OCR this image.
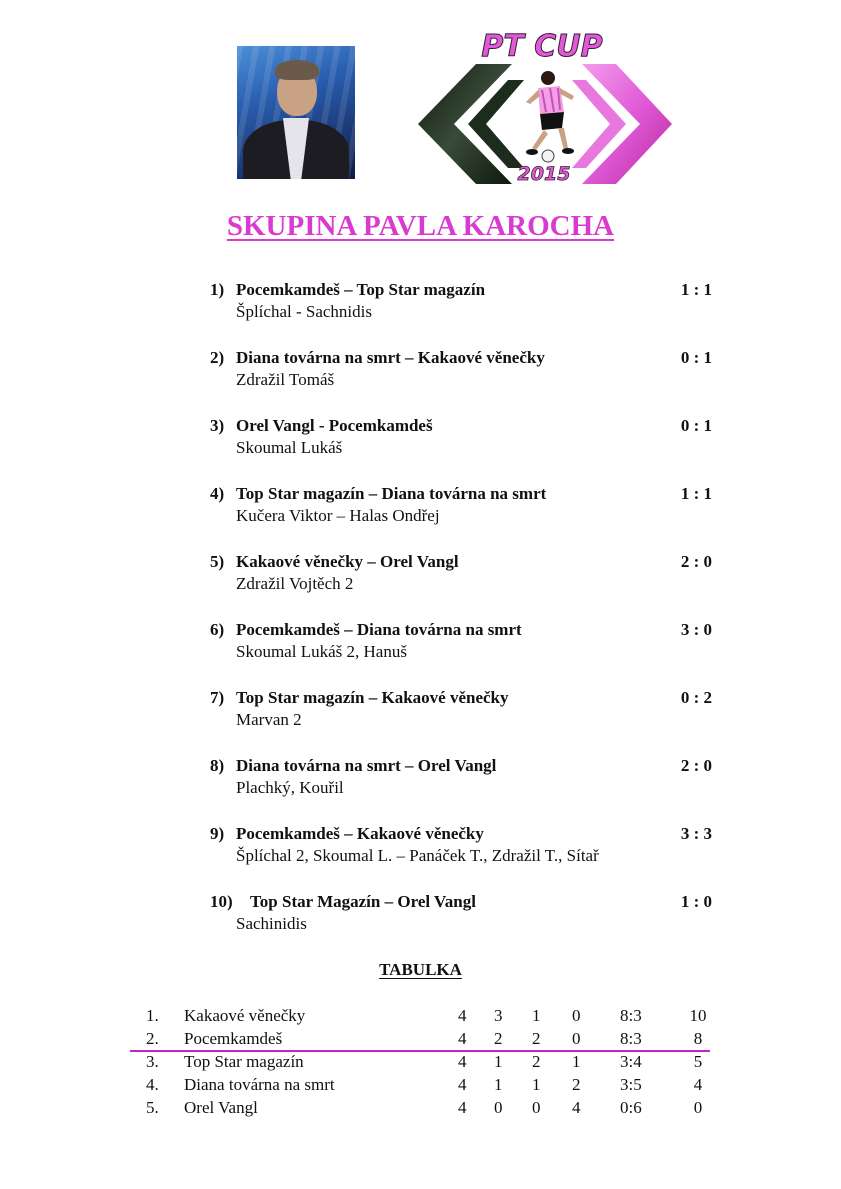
PT CUP
2015
SKUPINA PAVLA KAROCHA
1) Pocemkamdeš – Top Star magazín	1 : 1
Šplíchal - Sachnidis
2) Diana továrna na smrt – Kakaové věnečky	0 : 1
Zdražil Tomáš
3) Orel Vangl - Pocemkamdeš	0 : 1
Skoumal Lukáš
4) Top Star magazín – Diana továrna na smrt	1 : 1
Kučera Viktor – Halas Ondřej
5) Kakaové věnečky – Orel Vangl	2 : 0
Zdražil Vojtěch 2
6) Pocemkamdeš – Diana továrna na smrt	3 : 0
Skoumal Lukáš 2, Hanuš
7) Top Star magazín – Kakaové věnečky	0 : 2
Marvan 2
8) Diana továrna na smrt – Orel Vangl	2 : 0
Plachký, Kouřil
9) Pocemkamdeš – Kakaové věnečky	3 : 3
Šplíchal 2, Skoumal L. – Panáček T., Zdražil T., Sítař
10)	Top Star Magazín – Orel Vangl	1 : 0
Sachinidis
TABULKA
1. Kakaové věnečky	4 3 1 0 8:3	10
2. Pocemkamdeš	4 2 2 0 8:3	8
3. Top Star magazín	4 1 2 1 3:4	5
4. Diana továrna na smrt	4 1 1 2 3:5	4
5. Orel Vangl	4 0 0 4 0:6	0
